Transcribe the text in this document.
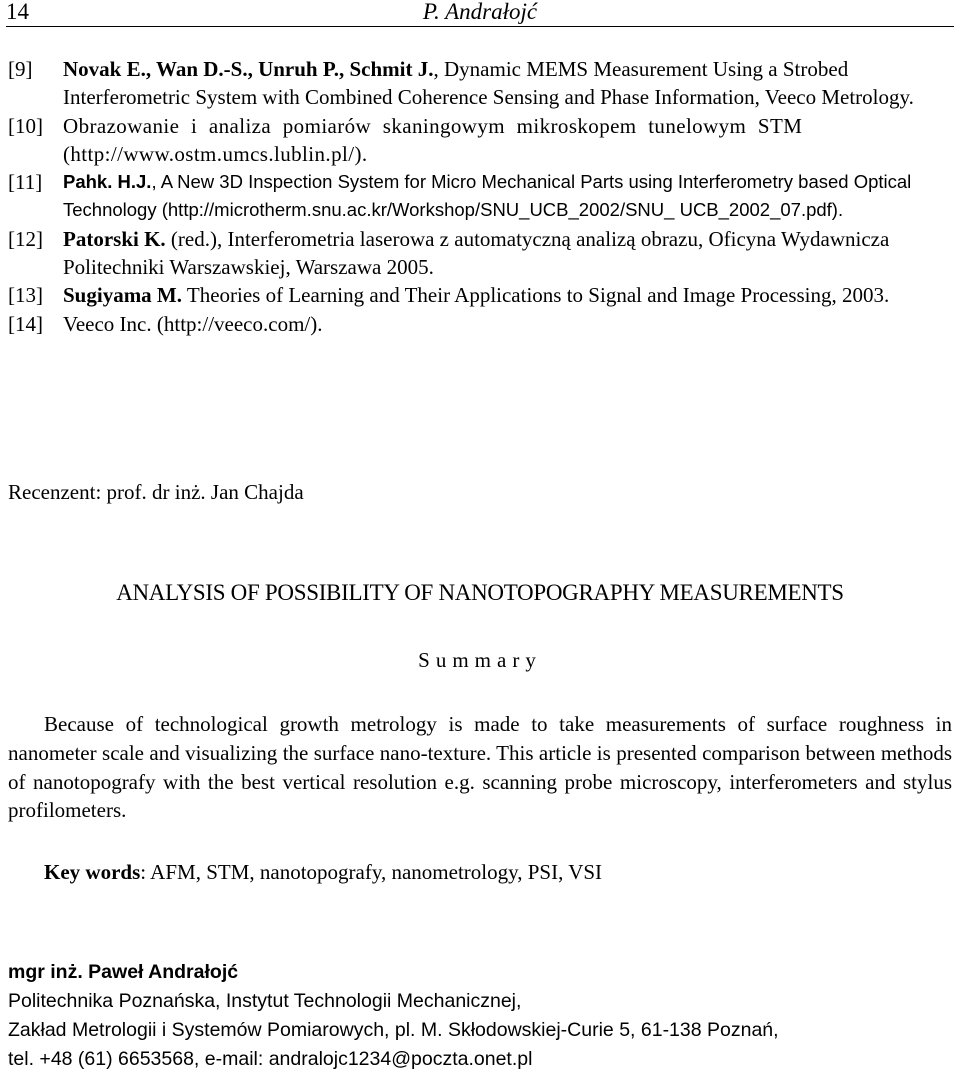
14	P. Andrałojć
[9] Novak E., Wan D.-S., Unruh P., Schmit J., Dynamic MEMS Measurement Using a Strobed Interferometric System with Combined Coherence Sensing and Phase Information, Veeco Metrology.
[10] Obrazowanie i analiza pomiarów skaningowym mikroskopem tunelowym STM (http://www.ostm.umcs.lublin.pl/).
[11] Pahk. H.J., A New 3D Inspection System for Micro Mechanical Parts using Interferometry based Optical Technology (http://microtherm.snu.ac.kr/Workshop/SNU_UCB_2002/SNU_ UCB_2002_07.pdf).
[12] Patorski K. (red.), Interferometria laserowa z automatyczną analizą obrazu, Oficyna Wydawnicza Politechniki Warszawskiej, Warszawa 2005.
[13] Sugiyama M. Theories of Learning and Their Applications to Signal and Image Processing, 2003.
[14] Veeco Inc. (http://veeco.com/).
Recenzent: prof. dr inż. Jan Chajda
ANALYSIS OF POSSIBILITY OF NANOTOPOGRAPHY MEASUREMENTS
Summary

Because of technological growth metrology is made to take measurements of surface roughness in nanometer scale and visualizing the surface nano-texture. This article is presented comparison between methods of nanotopografy with the best vertical resolution e.g. scanning probe microscopy, interferometers and stylus profilometers.

Key words: AFM, STM, nanotopografy, nanometrology, PSI, VSI
mgr inż. Paweł Andrałojć
Politechnika Poznańska, Instytut Technologii Mechanicznej,
Zakład Metrologii i Systemów Pomiarowych, pl. M. Skłodowskiej-Curie 5, 61-138 Poznań,
tel. +48 (61) 6653568, e-mail: andralojc1234@poczta.onet.pl
